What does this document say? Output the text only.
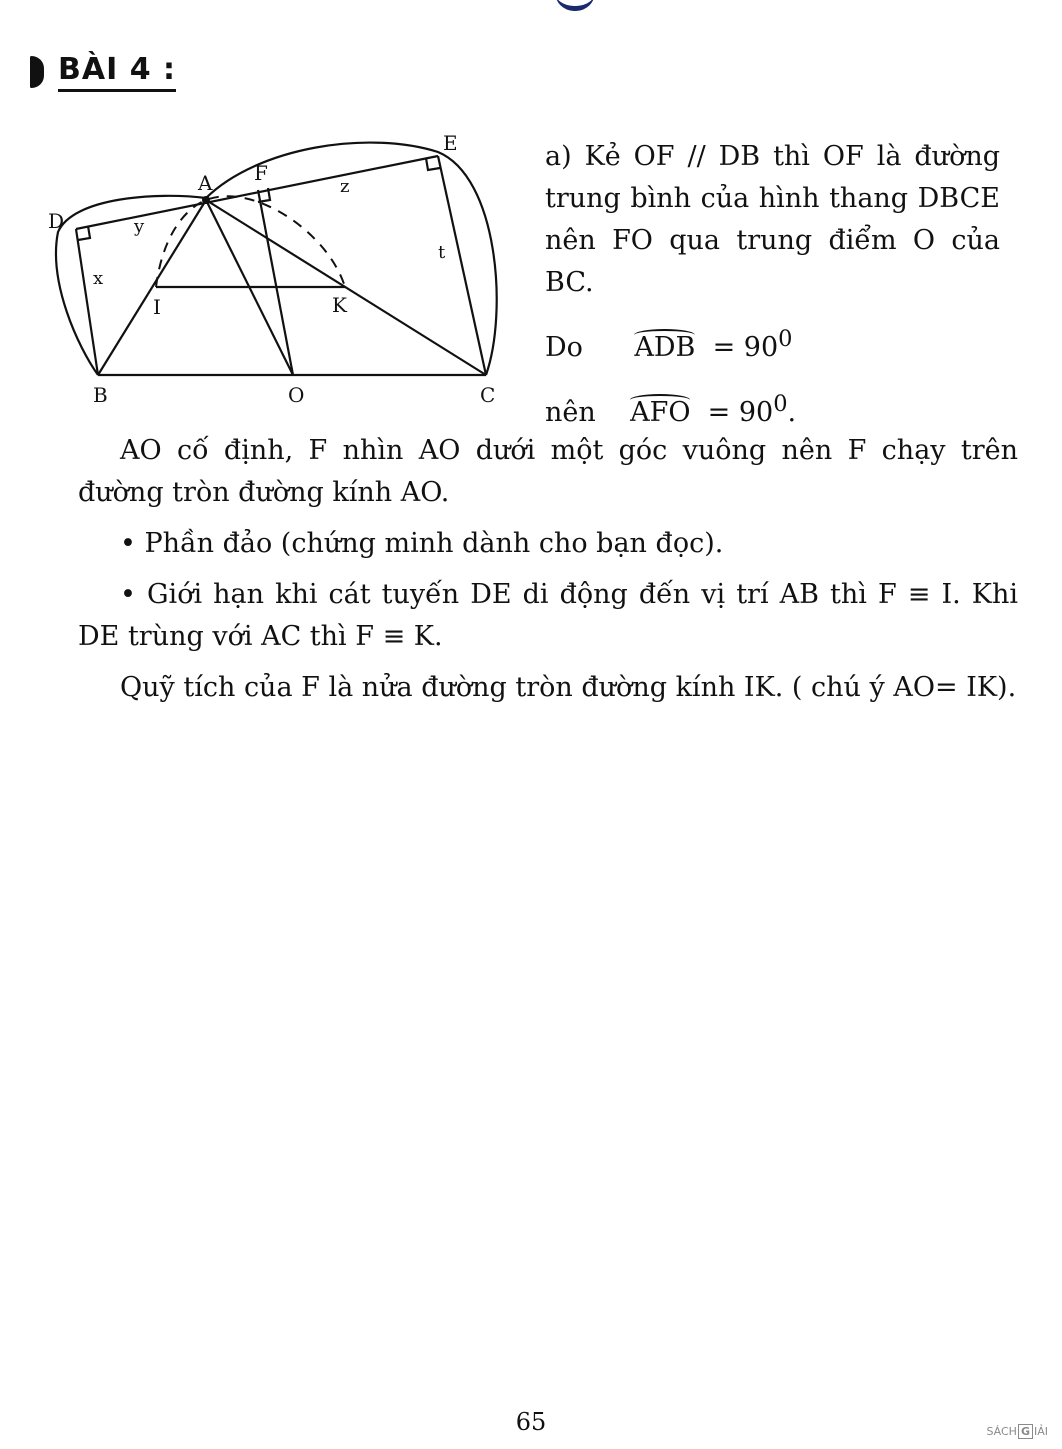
BÀI 4 :
A
B	C
D
E
F
I	K
O
x
y
z
t

a) Kẻ OF // DB thì OF là đường trung bình của hình thang DBCE nên FO qua trung điểm O của BC.

Do ADB = $90^0$

nên AFO = $90^0$.

AO cố định, F nhìn AO dưới một góc vuông nên F chạy trên đường tròn đường kính AO.

• Phần đảo (chứng minh dành cho bạn đọc).

• Giới hạn khi cát tuyến DE di động đến vị trí AB thì F ≡ I. Khi DE trùng với AC thì F ≡ K.

Quỹ tích của F là nửa đường tròn đường kính IK. ( chú ý AO= IK).

65	SÁCH G IẢI
